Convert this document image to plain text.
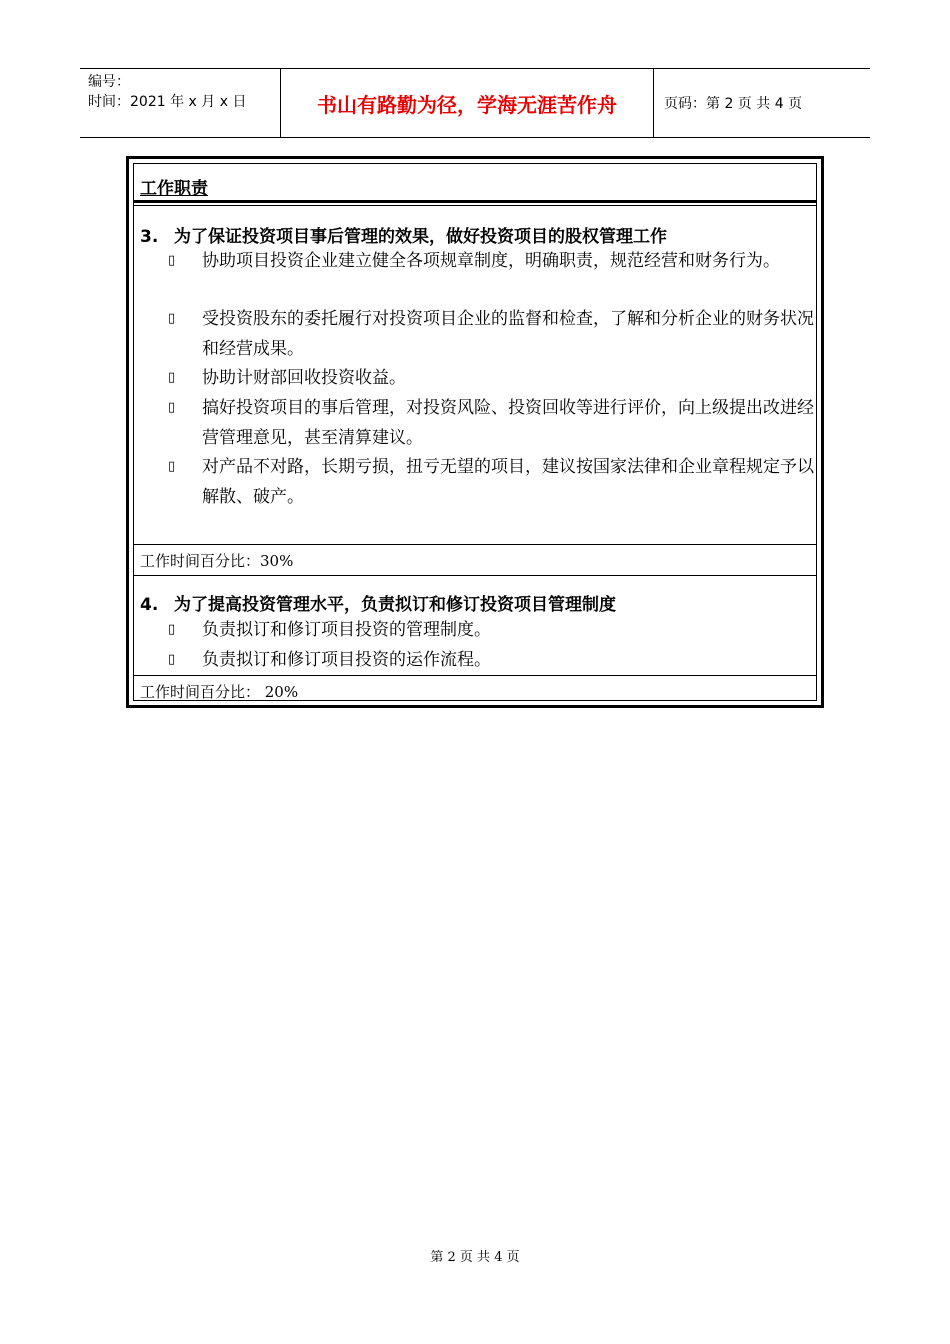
编号：
时间：2021 年 x 月 x 日	书山有路勤为径，学海无涯苦作舟	页码：第 2 页 共 4 页
工作职责
3. 为了保证投资项目事后管理的效果，做好投资项目的股权管理工作
▯ 协助项目投资企业建立健全各项规章制度，明确职责，规范经营和财务行为。
▯ 受投资股东的委托履行对投资项目企业的监督和检查，了解和分析企业的财务状况和经营成果。
▯ 协助计财部回收投资收益。
▯ 搞好投资项目的事后管理，对投资风险、投资回收等进行评价，向上级提出改进经营管理意见，甚至清算建议。
▯ 对产品不对路，长期亏损，扭亏无望的项目，建议按国家法律和企业章程规定予以解散、破产。
工作时间百分比：30%
4. 为了提高投资管理水平，负责拟订和修订投资项目管理制度
▯ 负责拟订和修订项目投资的管理制度。
▯ 负责拟订和修订项目投资的运作流程。
工作时间百分比： 20%
第 2 页 共 4 页
